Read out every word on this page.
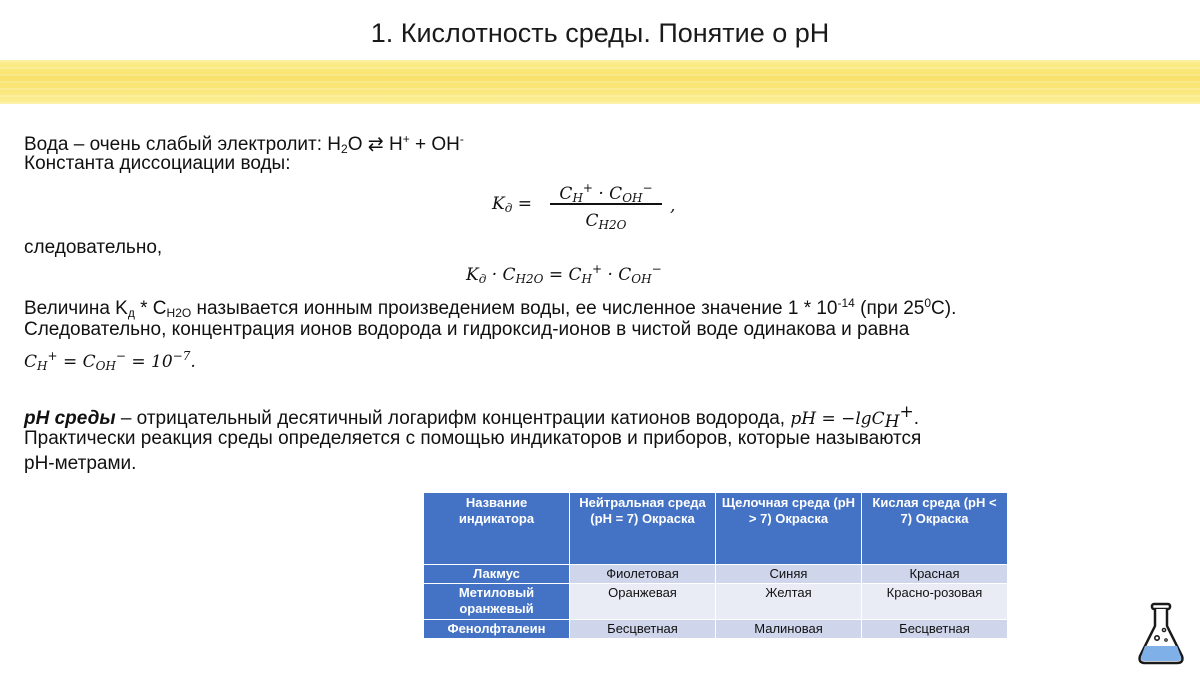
1. Кислотность среды. Понятие о pH
Вода – очень слабый электролит: $H_2O$ ⇄ H+ + OH-
Константа диссоциации воды:
$K_д$ =	$C_H^+ \cdot C_{OH}^-$
$C_{H2O}$
,
следовательно,
$K_д \cdot C_{H2O} = C_H^+ \cdot C_{OH}^-$
Величина $K_д * C_{H2O}$ называется ионным произведением воды, ее численное значение $1 * 10^{-14}$ (при $25^0С$).
Следовательно, концентрация ионов водорода и гидроксид-ионов в чистой воде одинакова и равна
$C_H^+ = C_{OH}^- = 10^{-7}$.
pH среды – отрицательный десятичный логарифм концентрации катионов водорода, pH = −lgC$_H$+.
Практически реакция среды определяется с помощью индикаторов и приборов, которые называются
pH-метрами.
Название индикатора	Нейтральная среда (pH = 7) Окраска	Щелочная среда (pH > 7) Окраска	Кислая среда (pH < 7) Окраска
Лакмус	Фиолетовая	Синяя	Красная
Метиловый оранжевый	Оранжевая	Желтая	Красно-розовая
Фенолфталеин	Бесцветная	Малиновая	Бесцветная
